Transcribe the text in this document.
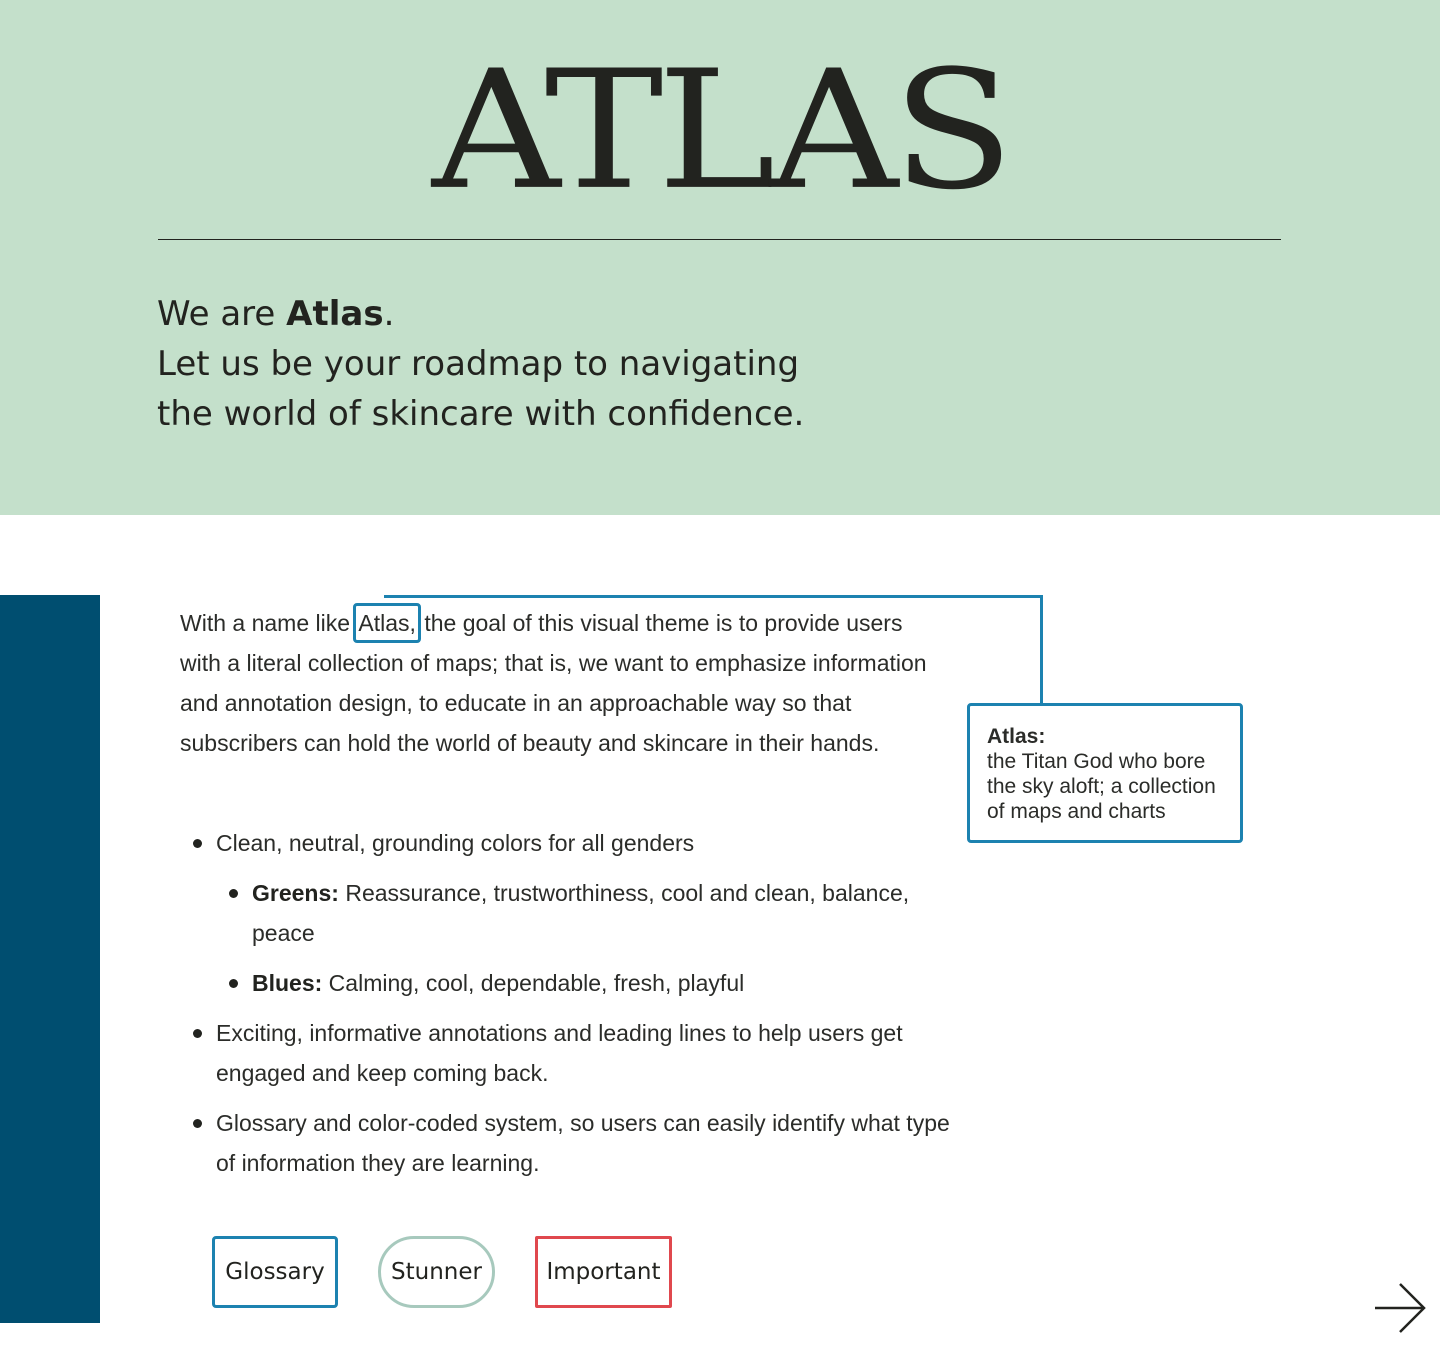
ATLAS
We are Atlas.
Let us be your roadmap to navigating
the world of skincare with confidence.

With a name like Atlas, the goal of this visual theme is to provide users with a literal collection of maps; that is, we want to emphasize information and annotation design, to educate in an approachable way so that subscribers can hold the world of beauty and skincare in their hands.	Atlas:
the Titan God who bore the sky aloft; a collection of maps and charts
Clean, neutral, grounding colors for all genders
Greens: Reassurance, trustworthiness, cool and clean, balance, peace
Blues: Calming, cool, dependable, fresh, playful
Exciting, informative annotations and leading lines to help users get engaged and keep coming back.
Glossary and color-coded system, so users can easily identify what type of information they are learning.
Glossary	Stunner	Important
